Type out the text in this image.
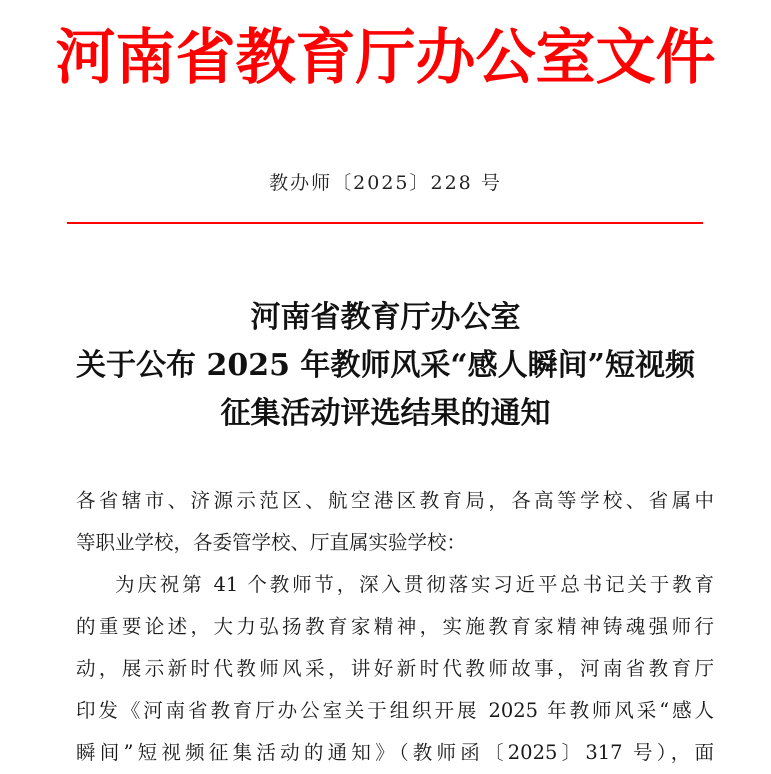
河南省教育厅办公室文件
教办师〔2025〕228 号
河南省教育厅办公室
关于公布 2025 年教师风采“感人瞬间”短视频
征集活动评选结果的通知
各省辖市、济源示范区、航空港区教育局，各高等学校、省属中
等职业学校，各委管学校、厅直属实验学校：
为庆祝第 41 个教师节，深入贯彻落实习近平总书记关于教育
的重要论述，大力弘扬教育家精神，实施教育家精神铸魂强师行
动，展示新时代教师风采，讲好新时代教师故事，河南省教育厅
印发《河南省教育厅办公室关于组织开展 2025 年教师风采“感人
瞬间”短视频征集活动的通知》（教师函〔2025〕317 号），面
